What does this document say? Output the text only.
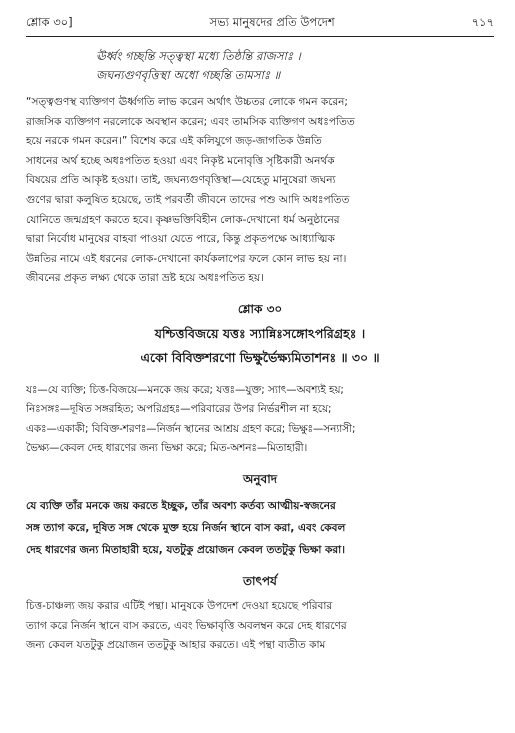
শ্লোক ৩০]	সভ্য মানুষদের প্রতি উপদেশ	৭১৭
ঊর্ধ্বং গচ্ছন্তি সত্ত্বস্থা মধ্যে তিষ্ঠন্তি রাজসাঃ ।
জঘন্যগুণবৃত্তিস্থা অধো গচ্ছন্তি তামসাঃ ॥
“সত্ত্বগুণস্থ ব্যক্তিগণ ঊর্ধ্বগতি লাভ করেন অর্থাৎ উচ্চতর লোকে গমন করেন;
রাজসিক ব্যক্তিগণ নরলোকে অবস্থান করেন; এবং তামসিক ব্যক্তিগণ অধঃপতিত
হয়ে নরকে গমন করেন।” বিশেষ করে এই কলিযুগে জড়-জাগতিক উন্নতি
সাধনের অর্থ হচ্ছে অধঃপতিত হওয়া এবং নিকৃষ্ট মনোবৃত্তি সৃষ্টিকারী অনর্থক
বিষয়ের প্রতি আকৃষ্ট হওয়া। তাই, জঘন্যগুণবৃত্তিস্থা—যেহেতু মানুষেরা জঘন্য
গুণের দ্বারা কলুষিত হয়েছে, তাই পরবর্তী জীবনে তাদের পশু আদি অধঃপতিত
যোনিতে জন্মগ্রহণ করতে হবে। কৃষ্ণভক্তিবিহীন লোক-দেখানো ধর্ম অনুষ্ঠানের
দ্বারা নির্বোধ মানুষের বাহবা পাওয়া যেতে পারে, কিন্তু প্রকৃতপক্ষে আধ্যাত্মিক
উন্নতির নামে এই ধরনের লোক-দেখানো কার্যকলাপের ফলে কোন লাভ হয় না।
জীবনের প্রকৃত লক্ষ্য থেকে তারা ভ্রষ্ট হয়ে অধঃপতিত হয়।
শ্লোক ৩০
যশ্চিত্তবিজয়ে যত্তঃ স্যান্নিঃসঙ্গোঽপরিগ্রহঃ ।
একো বিবিক্তশরণো ভিক্ষুর্ভৈক্ষ্যমিতাশনঃ ॥ ৩০ ॥
যঃ—যে ব্যক্তি; চিত্ত-বিজয়ে—মনকে জয় করে; যত্তঃ—যুক্ত; স্যাৎ—অবশ্যই হয়;
নিঃসঙ্গঃ—দূষিত সঙ্গরহিত; অপরিগ্রহঃ—পরিবারের উপর নির্ভরশীল না হয়ে;
একঃ—একাকী; বিবিক্ত-শরণঃ—নির্জন স্থানের আশ্রয় গ্রহণ করে; ভিক্ষুঃ—সন্যাসী;
ভৈক্ষ্য—কেবল দেহ ধারণের জন্য ভিক্ষা করে; মিত-অশনঃ—মিতাহারী।
অনুবাদ
যে ব্যক্তি তাঁর মনকে জয় করতে ইচ্ছুক, তাঁর অবশ্য কর্তব্য আত্মীয়-স্বজনের
সঙ্গ ত্যাগ করে, দূষিত সঙ্গ থেকে মুক্ত হয়ে নির্জন স্থানে বাস করা, এবং কেবল
দেহ ধারণের জন্য মিতাহারী হয়ে, যতটুকু প্রয়োজন কেবল ততটুকু ভিক্ষা করা।
তাৎপর্য
চিত্ত-চাঞ্চল্য জয় করার এটিই পন্থা। মানুষকে উপদেশ দেওয়া হয়েছে পরিবার
ত্যাগ করে নির্জন স্থানে বাস করতে, এবং ভিক্ষাবৃত্তি অবলম্বন করে দেহ ধারণের
জন্য কেবল যতটুকু প্রয়োজন ততটুকু আহার করতে। এই পন্থা ব্যতীত কাম
